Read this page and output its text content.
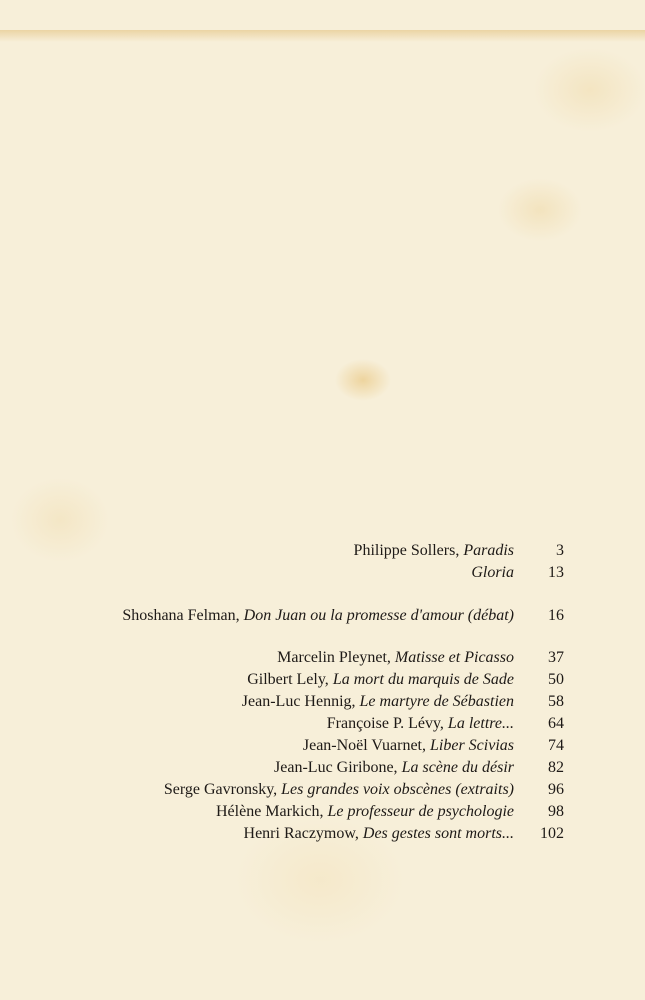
Philippe Sollers, Paradis	3
Gloria	13
Shoshana Felman, Don Juan ou la promesse d'amour (débat)	16
Marcelin Pleynet, Matisse et Picasso	37
Gilbert Lely, La mort du marquis de Sade	50
Jean-Luc Hennig, Le martyre de Sébastien	58
Françoise P. Lévy, La lettre...	64
Jean-Noël Vuarnet, Liber Scivias	74
Jean-Luc Giribone, La scène du désir	82
Serge Gavronsky, Les grandes voix obscènes (extraits)	96
Hélène Markich, Le professeur de psychologie	98
Henri Raczymow, Des gestes sont morts...	102
